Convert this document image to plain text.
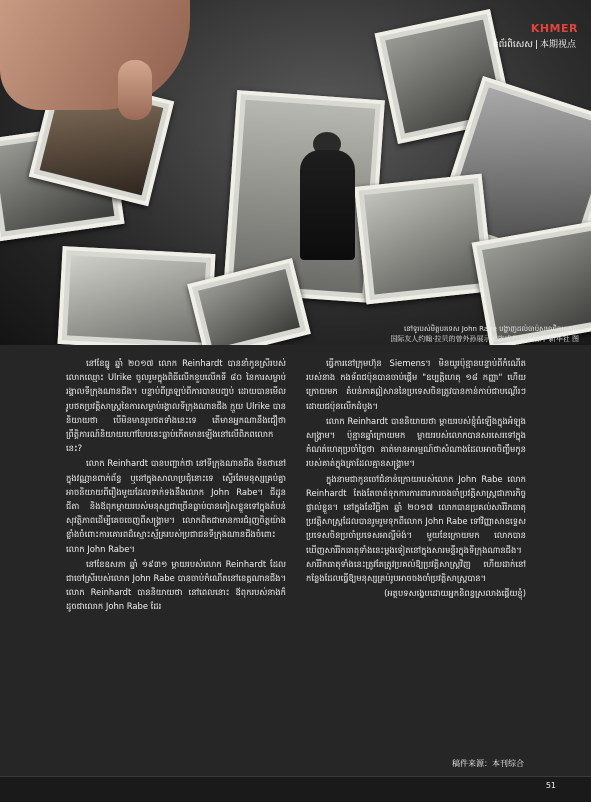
KHMER
ទំព័រពិសេស | 本期视点
នៅទូរបស់មិត្តបរទេស John Rabe បង្ហាញដល់ចាប់សមាជិកគ្រួសារ
国际友人约翰·拉贝的曾外孙展示家族成员的老照片 新华社 图

នៅខែធ្នូ ឆ្នាំ ២០១៧ លោក Reinhardt បាននាំកូនស្រីរបស់លោកឈ្មោះ Ulrike ចូលរួមក្នុងពិធីលើកខួបលើកទី ៨០ នៃការសម្លាប់រង្គាលទីក្រុងណានជីង។ បន្ទាប់ពីត្រឡប់ពីការបានបញ្ចប់ ដោយបានមើលរូបថតប្រវត្តិសាស្ត្រនៃការសម្លាប់រង្គាលទីក្រុងណានជីង ក្មួយ Ulrike បាននិយាយថា បើមិនមានរូបថតទាំងនេះទេ តើមានអ្នកណានឹងជឿថា ព្រឹត្តិការណ៍និយាយហៅបែបនេះធ្លាប់កើតមានឡើងនៅលើពិភពលោកនេះ?

លោក Reinhardt បានបញ្ជាក់ថា នៅទីក្រុងណានជីង មិនថានៅក្នុងវណ្ណានពាក់ព័ន្ធ ឬនៅក្នុងសាលាប្រជុំនោះទេ ស្ទើរតែមនុស្សគ្រប់គ្នាអាចនិយាយពីរឿងមួយដែលទាក់ទងនឹងលោក John Rabe។ ជីដូនជីតា និងឪពុកម្តាយរបស់មនុស្សជាច្រើនធ្លាប់បានភៀសខ្លួនទៅក្នុងតំបន់សុវត្ថិភាពដើម្បីគេចចេញពីសង្គ្រាម។ លោកពិតជាមានការជំរុញចិត្តយ៉ាងខ្លាំងចំពោះការគោរពដ៏ស្មោះស្ម័គ្ររបស់ប្រជាជនទីក្រុងណានជីងចំពោះលោក John Rabe។

នៅខែឧសភា ឆ្នាំ ១៩៣១ ម្តាយរបស់លោក Reinhardt ដែលជាចៅស្រីរបស់លោក John Rabe បានចាប់កំណើតនៅខេត្តណានជីង។ លោក Reinhardt បាននិយាយថា នៅពេលនោះ ឪពុករបស់នាងក៏ដូចជាលោក John Rabe ដែរ

ធ្វើការនៅក្រុមហ៊ុន Siemens។ មិនយូរប៉ុន្មានបន្ទាប់ពីកំណើតរបស់នាង កងទ័ពជប៉ុនបានចាប់ផ្តើម "ឧប្បត្តិហេតុ ១៨ កញ្ញា" ហើយក្រោយមក តំបន់ភាគឦសាននៃប្រទេសចិនត្រូវបានកាន់កាប់ជាបណ្តើរៗដោយជប៉ុនលើកដំបូង។

លោក Reinhardt បាននិយាយថា ម្តាយរបស់ខ្ញុំធំឡើងក្នុងអំឡុងសង្គ្រាម។ ប៉ុន្មានឆ្នាំក្រោយមក ម្តាយរបស់លោកបានសរសេរទៅក្នុងកំណត់ហេតុប្រចាំថ្ងៃថា គាត់មានអារម្មណ៍ថាសំណាងដែលអាចចិញ្ចឹមកូនរបស់គាត់ក្នុងគ្រាដែលគ្មានសង្គ្រាម។

ក្នុងនាមជាកូនចៅជំនាន់ក្រោយរបស់លោក John Rabe លោក Reinhardt តែងតែចាត់ទុកការការពារការចងចាំប្រវត្តិសាស្ត្រជាភារកិច្ចផ្ទាល់ខ្លួន។ នៅក្នុងខែវិច្ឆិកា ឆ្នាំ ២០១៧ លោកបានប្រគល់សារិរិកធាតុប្រវត្តិសាស្ត្រដែលបានរួមរួមទុកពីលោក John Rabe ទៅវិញ្ញាសាឧទ្ទេសប្រទេសចិនប្រចាំប្រទេសអាល្លឺម៉ង់។ មួយខែក្រោយមក លោកបានឃើញសារិរិកធាតុទាំងនេះម្តងទៀតនៅក្នុងសារមន្ទីរក្នុងទីក្រុងណានជីង។ សារិរិកធាតុទាំងនេះត្រូវតែត្រូវប្រគល់ឱ្យប្រវត្តិសាស្ត្រវិញ ហើយដាក់នៅកន្លែងដែលធ្វើឱ្យមនុស្សគ្រប់រូបអាចចងចាំប្រវត្តិសាស្ត្របាន។

(អត្ថបទសង្ខេបដោយអ្នកនិពន្ធស្រលាងផ្ដើយខ្ញុំ)

稿件来源：本刊综合
51
